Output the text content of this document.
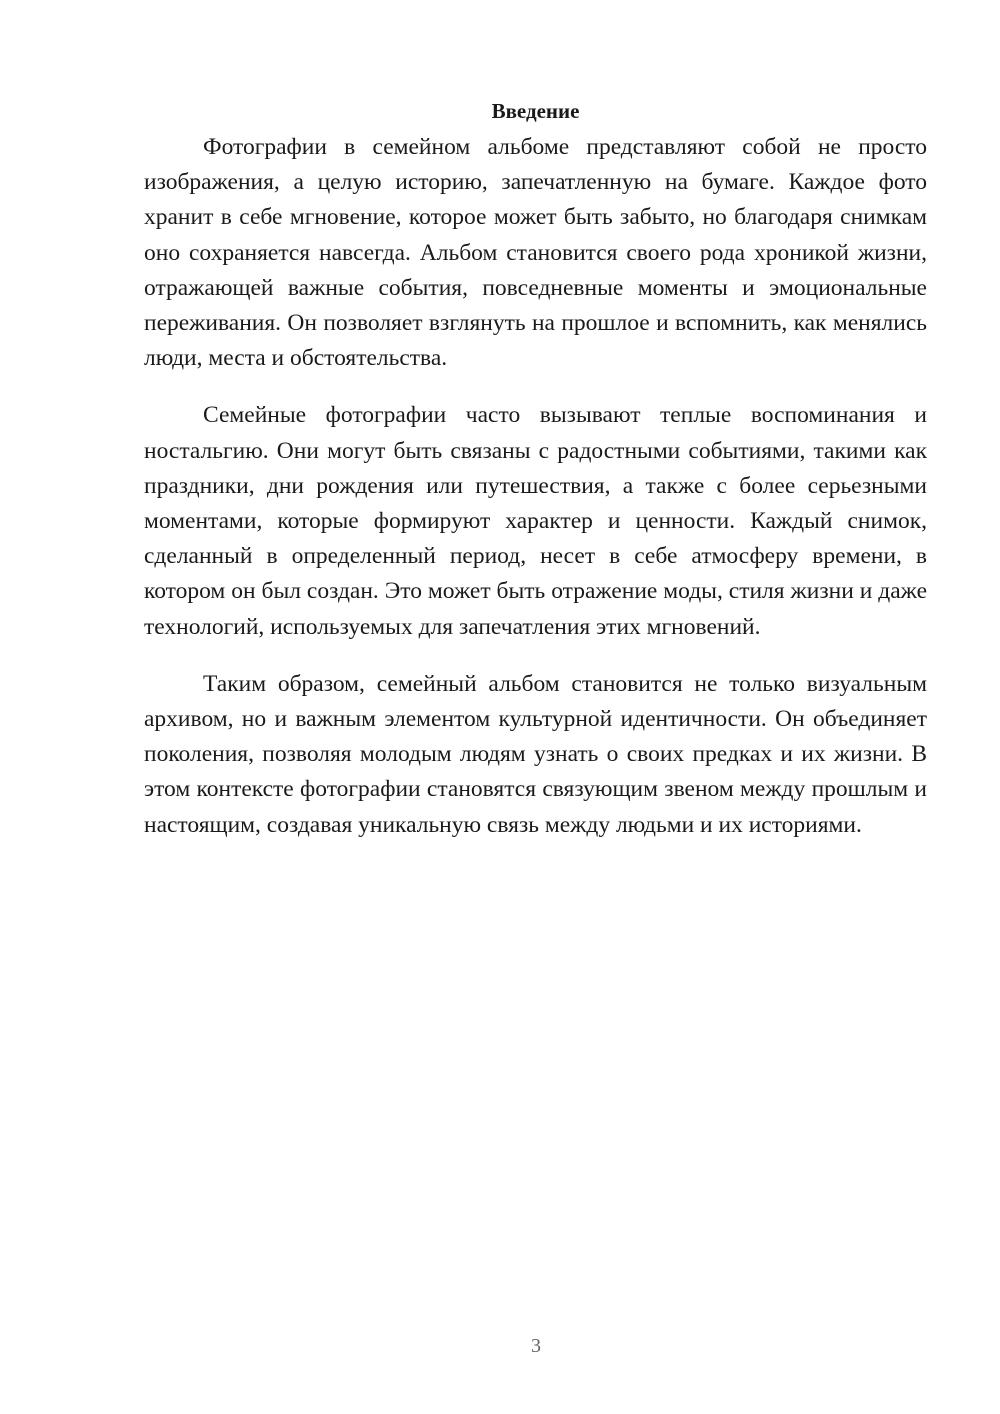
Введение

Фотографии в семейном альбоме представляют собой не просто изображения, а целую историю, запечатленную на бумаге. Каждое фото хранит в себе мгновение, которое может быть забыто, но благодаря снимкам оно сохраняется навсегда. Альбом становится своего рода хроникой жизни, отражающей важные события, повседневные моменты и эмоциональные переживания. Он позволяет взглянуть на прошлое и вспомнить, как менялись люди, места и обстоятельства.

Семейные фотографии часто вызывают теплые воспоминания и ностальгию. Они могут быть связаны с радостными событиями, такими как праздники, дни рождения или путешествия, а также с более серьезными моментами, которые формируют характер и ценности. Каждый снимок, сделанный в определенный период, несет в себе атмосферу времени, в котором он был создан. Это может быть отражение моды, стиля жизни и даже технологий, используемых для запечатления этих мгновений.

Таким образом, семейный альбом становится не только визуальным архивом, но и важным элементом культурной идентичности. Он объединяет поколения, позволяя молодым людям узнать о своих предках и их жизни. В этом контексте фотографии становятся связующим звеном между прошлым и настоящим, создавая уникальную связь между людьми и их историями.

3
